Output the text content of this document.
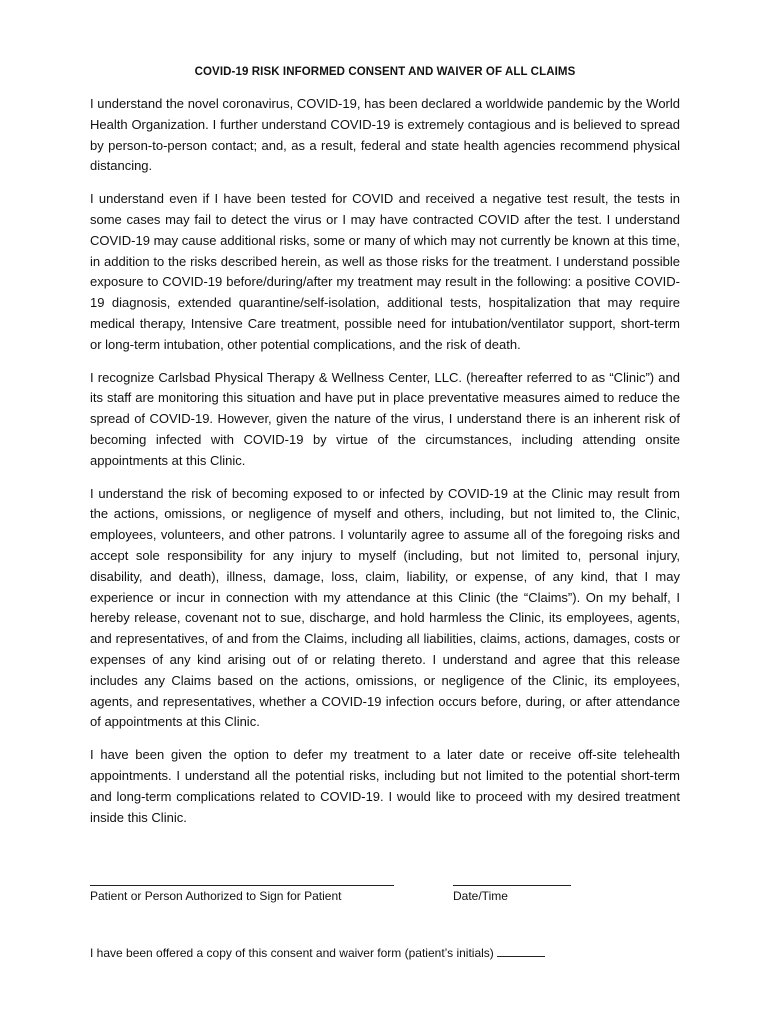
COVID-19 RISK INFORMED CONSENT AND WAIVER OF ALL CLAIMS

I understand the novel coronavirus, COVID-19, has been declared a worldwide pandemic by the World Health Organization. I further understand COVID-19 is extremely contagious and is believed to spread by person-to-person contact; and, as a result, federal and state health agencies recommend physical distancing.

I understand even if I have been tested for COVID and received a negative test result, the tests in some cases may fail to detect the virus or I may have contracted COVID after the test. I understand COVID-19 may cause additional risks, some or many of which may not currently be known at this time, in addition to the risks described herein, as well as those risks for the treatment. I understand possible exposure to COVID-19 before/during/after my treatment may result in the following: a positive COVID-19 diagnosis, extended quarantine/self-isolation, additional tests, hospitalization that may require medical therapy, Intensive Care treatment, possible need for intubation/ventilator support, short-term or long-term intubation, other potential complications, and the risk of death.

I recognize Carlsbad Physical Therapy & Wellness Center, LLC. (hereafter referred to as “Clinic”) and its staff are monitoring this situation and have put in place preventative measures aimed to reduce the spread of COVID-19. However, given the nature of the virus, I understand there is an inherent risk of becoming infected with COVID-19 by virtue of the circumstances, including attending onsite appointments at this Clinic.

I understand the risk of becoming exposed to or infected by COVID-19 at the Clinic may result from the actions, omissions, or negligence of myself and others, including, but not limited to, the Clinic, employees, volunteers, and other patrons. I voluntarily agree to assume all of the foregoing risks and accept sole responsibility for any injury to myself (including, but not limited to, personal injury, disability, and death), illness, damage, loss, claim, liability, or expense, of any kind, that I may experience or incur in connection with my attendance at this Clinic (the “Claims”). On my behalf, I hereby release, covenant not to sue, discharge, and hold harmless the Clinic, its employees, agents, and representatives, of and from the Claims, including all liabilities, claims, actions, damages, costs or expenses of any kind arising out of or relating thereto. I understand and agree that this release includes any Claims based on the actions, omissions, or negligence of the Clinic, its employees, agents, and representatives, whether a COVID-19 infection occurs before, during, or after attendance of appointments at this Clinic.

I have been given the option to defer my treatment to a later date or receive off-site telehealth appointments. I understand all the potential risks, including but not limited to the potential short-term and long-term complications related to COVID-19. I would like to proceed with my desired treatment inside this Clinic.

Patient or Person Authorized to Sign for Patient	Date/Time
I have been offered a copy of this consent and waiver form (patient’s initials)
